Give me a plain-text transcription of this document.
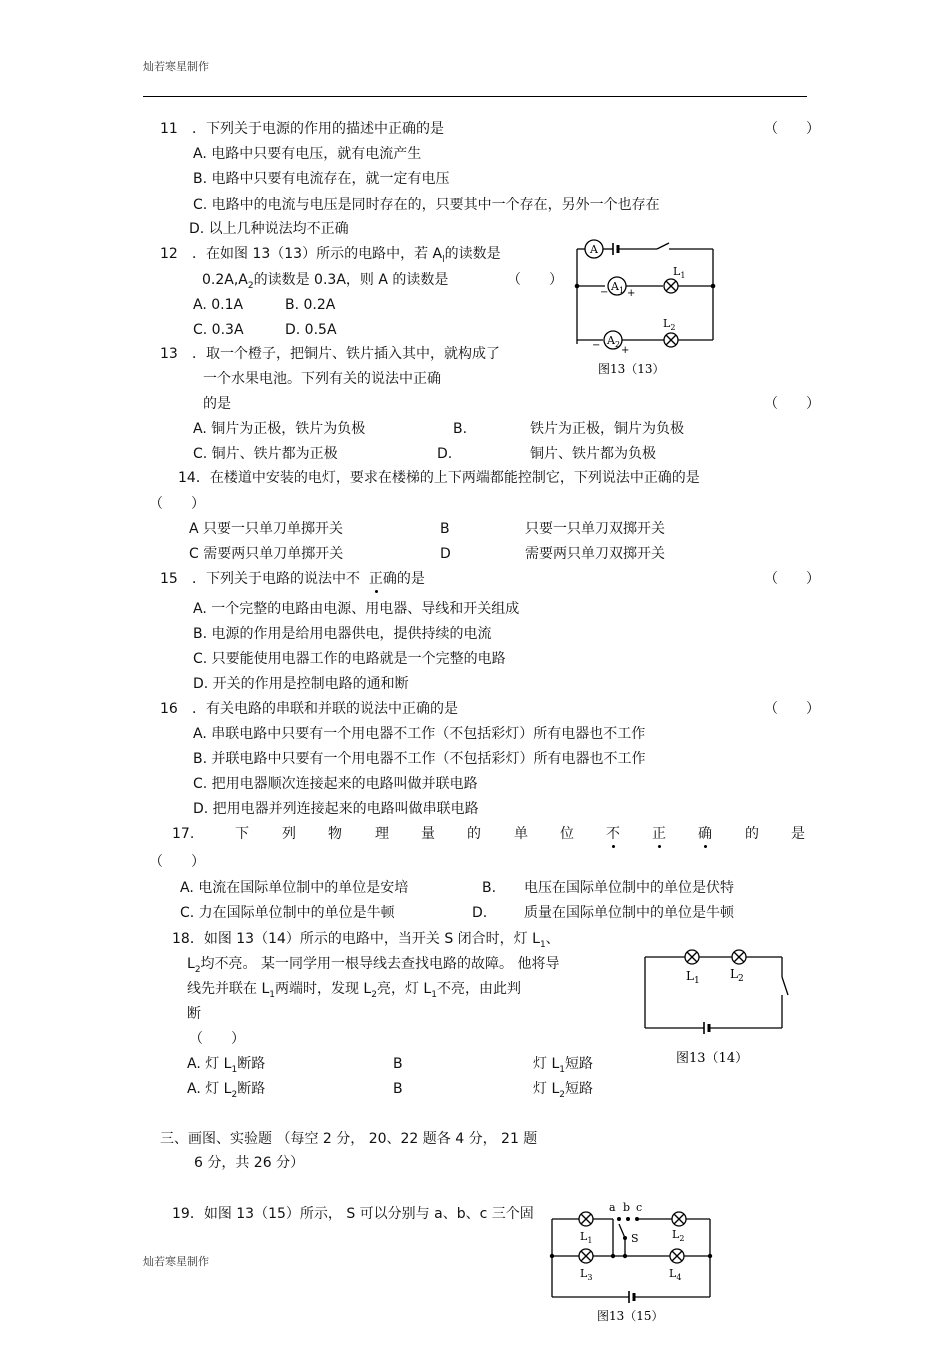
灿若寒星制作
11 ．下列关于电源的作用的描述中正确的是	（　　）
A. 电路中只要有电压，就有电流产生
B. 电路中只要有电流存在，就一定有电压
C. 电路中的电流与电压是同时存在的，只要其中一个存在，另外一个也存在
D. 以上几种说法均不正确
12 ．在如图 13（13）所示的电路中，若 $A_l$的读数是
$0.2A,A_2$的读数是 0.3A，则 A 的读数是	（　　）
A. 0.1A	B. 0.2A
C. 0.3A	D. 0.5A
A
$A_1$
$A_2$
$L_1$
$L_2$
− +
− +
图13（13）
13 ．取一个橙子，把铜片、铁片插入其中，就构成了
一个水果电池。下列有关的说法中正确
的是	（　　）
A. 铜片为正极，铁片为负极	B.	铁片为正极，铜片为负极
C. 铜片、铁片都为正极	D.	铜片、铁片都为负极
14．在楼道中安装的电灯，要求在楼梯的上下两端都能控制它，下列说法中正确的是
（　　）
A 只要一只单刀单掷开关	B	只要一只单刀双掷开关
C 需要两只单刀单掷开关	D	需要两只单刀双掷开关
15 ．下列关于电路的说法中不 正确的是	（　　）
A. 一个完整的电路由电源、用电器、导线和开关组成
B. 电源的作用是给用电器供电，提供持续的电流
C. 只要能使用电器工作的电路就是一个完整的电路
D. 开关的作用是控制电路的通和断
16 ．有关电路的串联和并联的说法中正确的是	（　　）
A. 串联电路中只要有一个用电器不工作（不包括彩灯）所有电器也不工作
B. 并联电路中只要有一个用电器不工作（不包括彩灯）所有电器也不工作
C. 把用电器顺次连接起来的电路叫做并联电路
D. 把用电器并列连接起来的电路叫做串联电路
17.	下 列 物 理 量 的 单 位 不 正 确 的 是
（　　）
A. 电流在国际单位制中的单位是安培	B. 电压在国际单位制中的单位是伏特
C. 力在国际单位制中的单位是牛顿	D.	质量在国际单位制中的单位是牛顿
18．如图 13（14）所示的电路中，当开关 S 闭合时，灯 $L_1$、
$L_2$均不亮。 某一同学用一根导线去查找电路的故障。 他将导
线先并联在 $L_1$两端时，发现 $L_2$亮，灯 $L_1$不亮，由此判
断
（　　）
A. 灯 $L_1$断路	B	灯 $L_1$短路
A. 灯 $L_2$断路	B	灯 $L_2$短路
$L_1$	$L_2$
图13（14）
三、画图、实验题 （每空 2 分， 20、22 题各 4 分， 21 题
6 分，共 26 分）
19．如图 13（15）所示， S 可以分别与 a、b、c 三个固	a b c
S
$L_1$	$L_2$
$L_3$	$L_4$
图13（15）
灿若寒星制作
